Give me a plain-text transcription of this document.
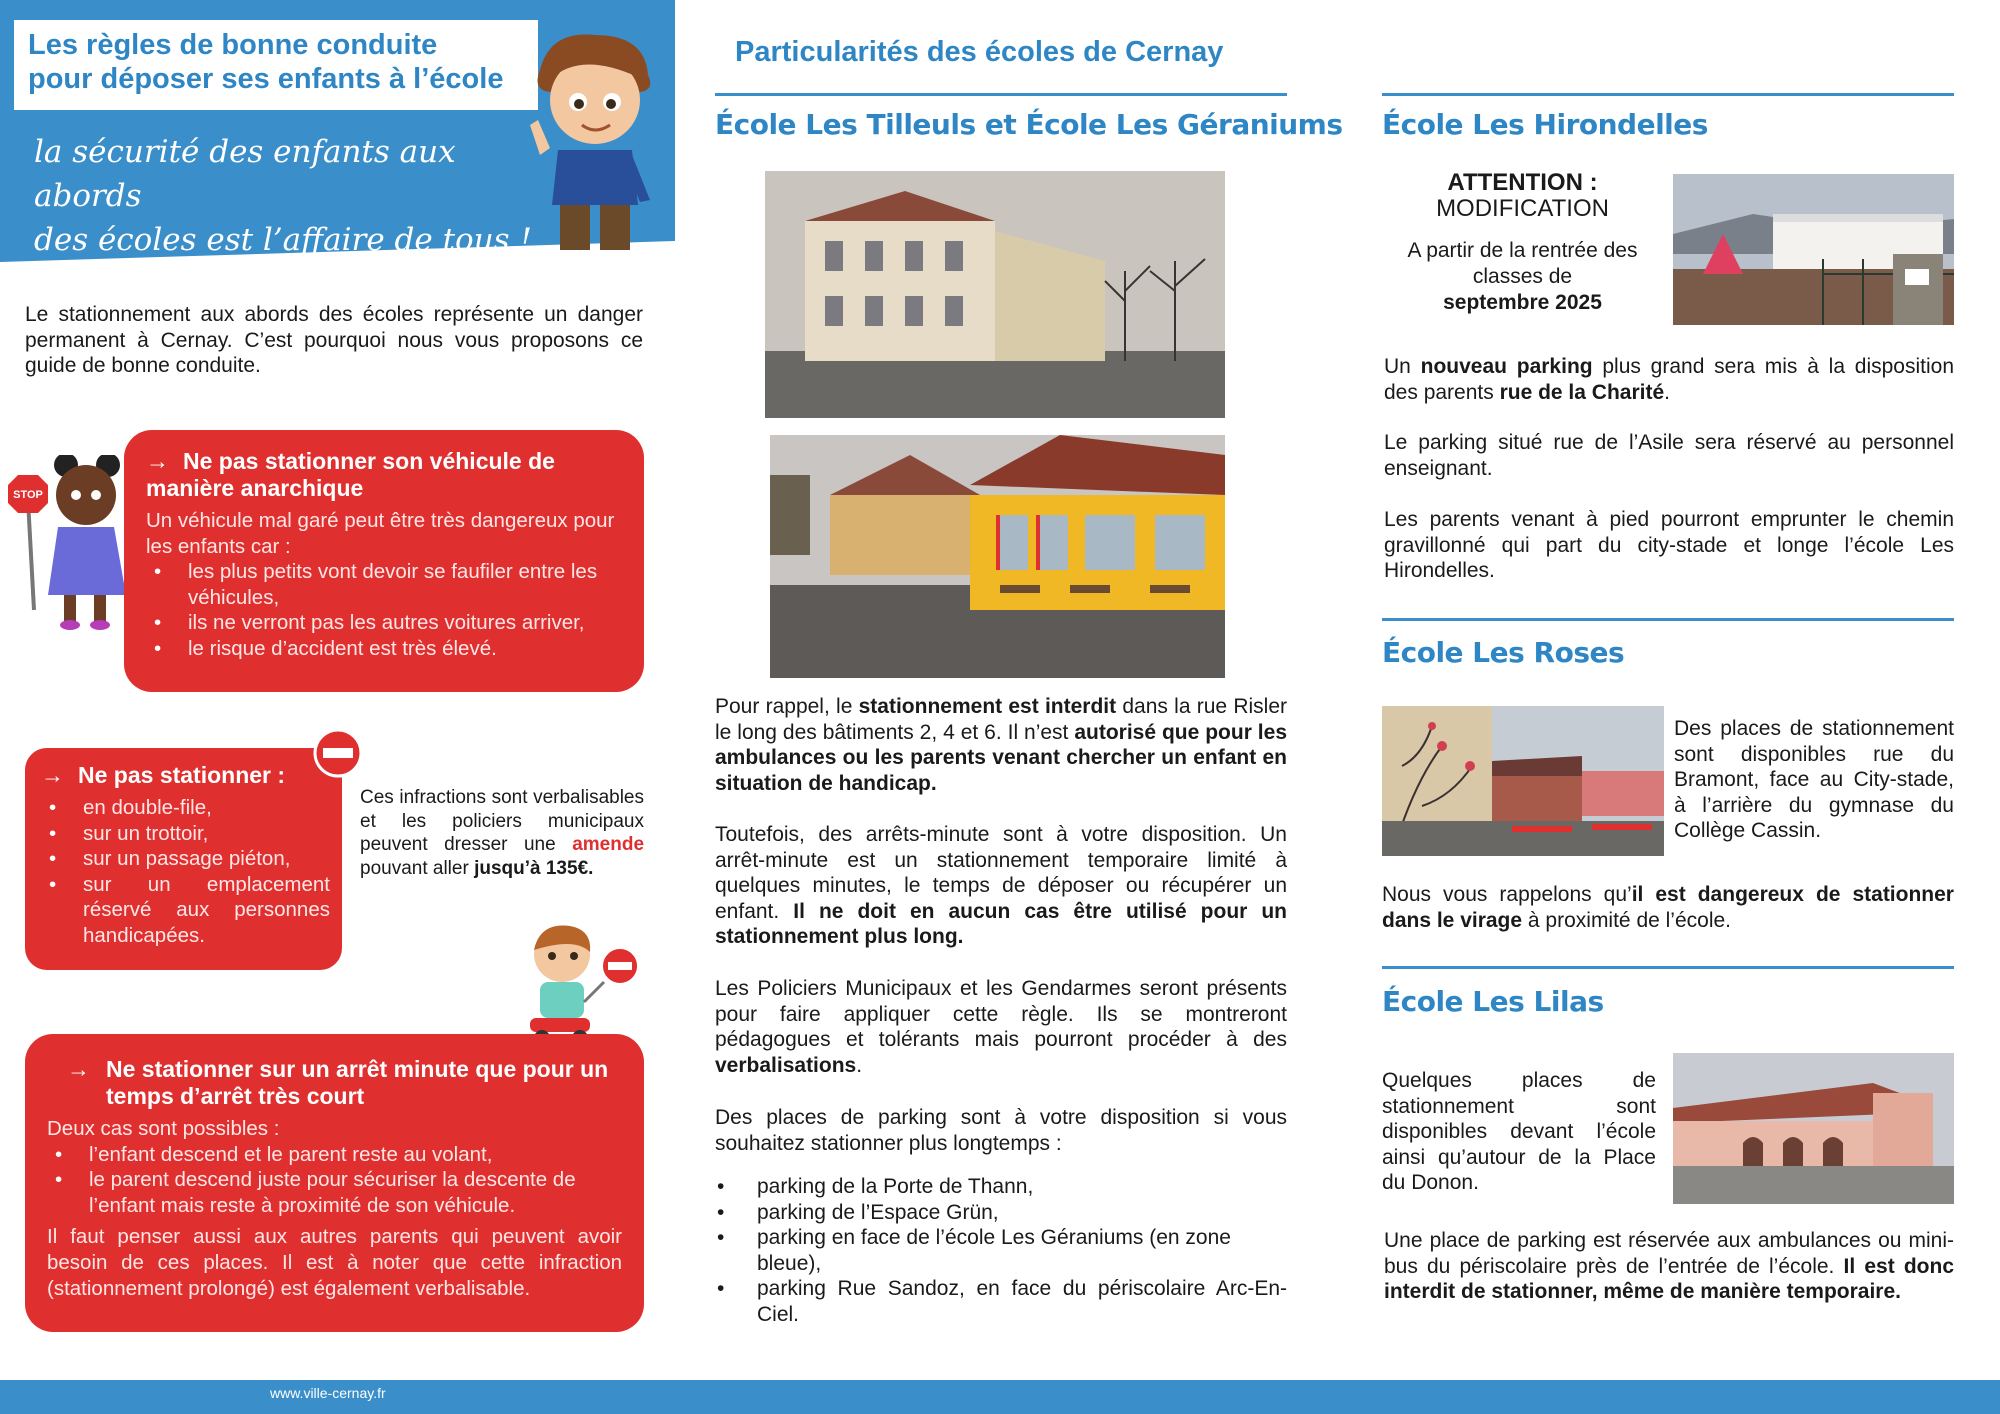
Les règles de bonne conduite
pour déposer ses enfants à l’école
la sécurité des enfants aux abords
des écoles est l’affaire de tous !
Le stationnement aux abords des écoles représente un danger permanent à Cernay. C’est pourquoi nous vous proposons ce guide de bonne conduite.
STOP
→ Ne pas stationner son véhicule de manière anarchique
Un véhicule mal garé peut être très dangereux pour les enfants car :
• les plus petits vont devoir se faufiler entre les véhicules,
• ils ne verront pas les autres voitures arriver,
• le risque d’accident est très élevé.
→ Ne pas stationner :
• en double-file,
• sur un trottoir,
• sur un passage piéton,
• sur un emplacement réservé aux personnes handicapées.
Ces infractions sont verbalisables et les policiers municipaux peuvent dresser une amende pouvant aller jusqu’à 135€.
→ Ne stationner sur un arrêt minute que pour un temps d’arrêt très court
Deux cas sont possibles :
• l’enfant descend et le parent reste au volant,
• le parent descend juste pour sécuriser la descente de l’enfant mais reste à proximité de son véhicule.
Il faut penser aussi aux autres parents qui peuvent avoir besoin de ces places. Il est à noter que cette infraction (stationnement prolongé) est également verbalisable.
Particularités des écoles de Cernay
École Les Tilleuls et École Les Géraniums
Pour rappel, le stationnement est interdit dans la rue Risler le long des bâtiments 2, 4 et 6. Il n’est autorisé que pour les ambulances ou les parents venant chercher un enfant en situation de handicap.
Toutefois, des arrêts-minute sont à votre disposition. Un arrêt-minute est un stationnement temporaire limité à quelques minutes, le temps de déposer ou récupérer un enfant. Il ne doit en aucun cas être utilisé pour un stationnement plus long.
Les Policiers Municipaux et les Gendarmes seront présents pour faire appliquer cette règle. Ils se montreront pédagogues et tolérants mais pourront procéder à des verbalisations.
Des places de parking sont à votre disposition si vous souhaitez stationner plus longtemps :
• parking de la Porte de Thann,
• parking de l’Espace Grün,
• parking en face de l’école Les Géraniums (en zone bleue),
• parking Rue Sandoz, en face du périscolaire Arc-En-Ciel.
École Les Hirondelles
ATTENTION :
MODIFICATION
A partir de la rentrée des classes de
septembre 2025
Un nouveau parking plus grand sera mis à la disposition des parents rue de la Charité.
Le parking situé rue de l’Asile sera réservé au personnel enseignant.
Les parents venant à pied pourront emprunter le chemin gravillonné qui part du city-stade et longe l’école Les Hirondelles.
École Les Roses
Des places de stationnement sont disponibles rue du Bramont, face au City-stade, à l’arrière du gymnase du Collège Cassin.
Nous vous rappelons qu’il est dangereux de stationner dans le virage à proximité de l’école.
École Les Lilas
Quelques places de stationnement sont disponibles devant l’école ainsi qu’autour de la Place du Donon.
Une place de parking est réservée aux ambulances ou mini-bus du périscolaire près de l’entrée de l’école. Il est donc interdit de stationner, même de manière temporaire.
www.ville-cernay.fr
